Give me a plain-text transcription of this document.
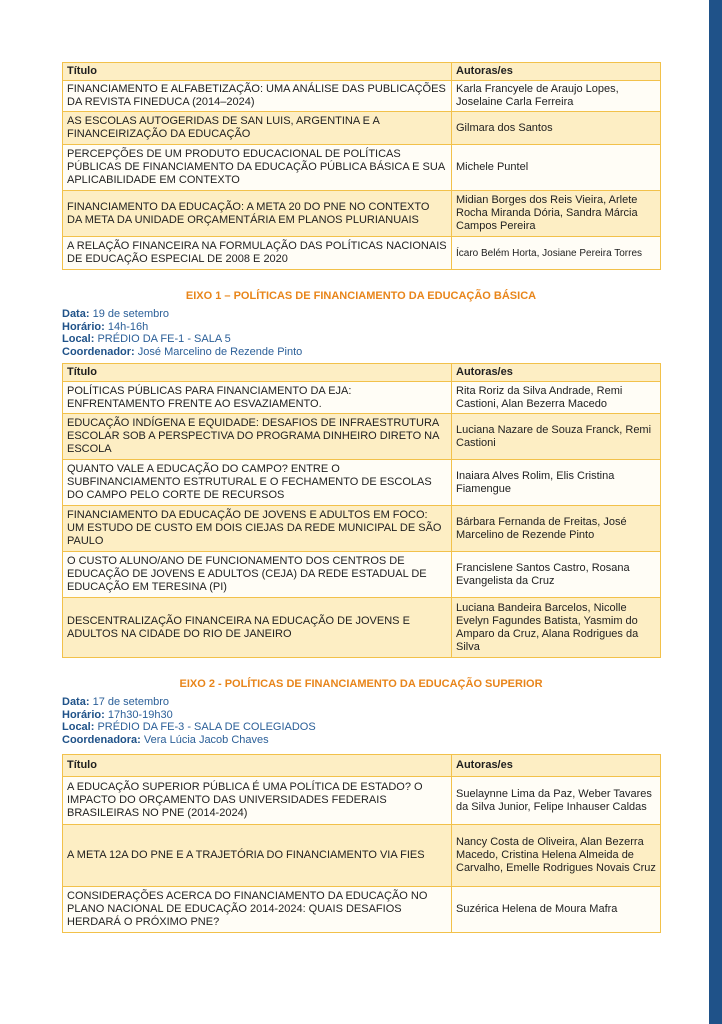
Título	Autoras/es
FINANCIAMENTO E ALFABETIZAÇÃO: UMA ANÁLISE DAS PUBLICAÇÕES DA REVISTA FINEDUCA (2014–2024)	Karla Francyele de Araujo Lopes, Joselaine Carla Ferreira
AS ESCOLAS AUTOGERIDAS DE SAN LUIS, ARGENTINA E A FINANCEIRIZAÇÃO DA EDUCAÇÃO	Gilmara dos Santos
PERCEPÇÕES DE UM PRODUTO EDUCACIONAL DE POLÍTICAS PÚBLICAS DE FINANCIAMENTO DA EDUCAÇÃO PÚBLICA BÁSICA E SUA APLICABILIDADE EM CONTEXTO	Michele Puntel
FINANCIAMENTO DA EDUCAÇÃO: A META 20 DO PNE NO CONTEXTO DA META DA UNIDADE ORÇAMENTÁRIA EM PLANOS PLURIANUAIS	Midian Borges dos Reis Vieira, Arlete Rocha Miranda Dória, Sandra Márcia Campos Pereira
A RELAÇÃO FINANCEIRA NA FORMULAÇÃO DAS POLÍTICAS NACIONAIS DE EDUCAÇÃO ESPECIAL DE 2008 E 2020	Ícaro Belém Horta, Josiane Pereira Torres
EIXO 1 – POLÍTICAS DE FINANCIAMENTO DA EDUCAÇÃO BÁSICA
Data: 19 de setembro
Horário: 14h-16h
Local: PRÉDIO DA FE-1 - SALA 5
Coordenador: José Marcelino de Rezende Pinto
Título	Autoras/es
POLÍTICAS PÚBLICAS PARA FINANCIAMENTO DA EJA: ENFRENTAMENTO FRENTE AO ESVAZIAMENTO.	Rita Roriz da Silva Andrade, Remi Castioni, Alan Bezerra Macedo
EDUCAÇÃO INDÍGENA E EQUIDADE: DESAFIOS DE INFRAESTRUTURA ESCOLAR SOB A PERSPECTIVA DO PROGRAMA DINHEIRO DIRETO NA ESCOLA	Luciana Nazare de Souza Franck, Remi Castioni
QUANTO VALE A EDUCAÇÃO DO CAMPO? ENTRE O SUBFINANCIAMENTO ESTRUTURAL E O FECHAMENTO DE ESCOLAS DO CAMPO PELO CORTE DE RECURSOS	Inaiara Alves Rolim, Elis Cristina Fiamengue
FINANCIAMENTO DA EDUCAÇÃO DE JOVENS E ADULTOS EM FOCO: UM ESTUDO DE CUSTO EM DOIS CIEJAS DA REDE MUNICIPAL DE SÃO PAULO	Bárbara Fernanda de Freitas, José Marcelino de Rezende Pinto
O CUSTO ALUNO/ANO DE FUNCIONAMENTO DOS CENTROS DE EDUCAÇÃO DE JOVENS E ADULTOS (CEJA) DA REDE ESTADUAL DE EDUCAÇÃO EM TERESINA (PI)	Francislene Santos Castro, Rosana Evangelista da Cruz
DESCENTRALIZAÇÃO FINANCEIRA NA EDUCAÇÃO DE JOVENS E ADULTOS NA CIDADE DO RIO DE JANEIRO	Luciana Bandeira Barcelos, Nicolle Evelyn Fagundes Batista, Yasmim do Amparo da Cruz, Alana Rodrigues da Silva
EIXO 2 - POLÍTICAS DE FINANCIAMENTO DA EDUCAÇÃO SUPERIOR
Data: 17 de setembro
Horário: 17h30-19h30
Local: PRÉDIO DA FE-3 - SALA DE COLEGIADOS
Coordenadora: Vera Lúcia Jacob Chaves
Título	Autoras/es
A EDUCAÇÃO SUPERIOR PÚBLICA É UMA POLÍTICA DE ESTADO? O IMPACTO DO ORÇAMENTO DAS UNIVERSIDADES FEDERAIS BRASILEIRAS NO PNE (2014-2024)	Suelaynne Lima da Paz, Weber Tavares da Silva Junior, Felipe Inhauser Caldas
A META 12A DO PNE E A TRAJETÓRIA DO FINANCIAMENTO VIA FIES	Nancy Costa de Oliveira, Alan Bezerra Macedo, Cristina Helena Almeida de Carvalho, Emelle Rodrigues Novais Cruz
CONSIDERAÇÕES ACERCA DO FINANCIAMENTO DA EDUCAÇÃO NO PLANO NACIONAL DE EDUCAÇÃO 2014-2024: QUAIS DESAFIOS HERDARÁ O PRÓXIMO PNE?	Suzérica Helena de Moura Mafra
